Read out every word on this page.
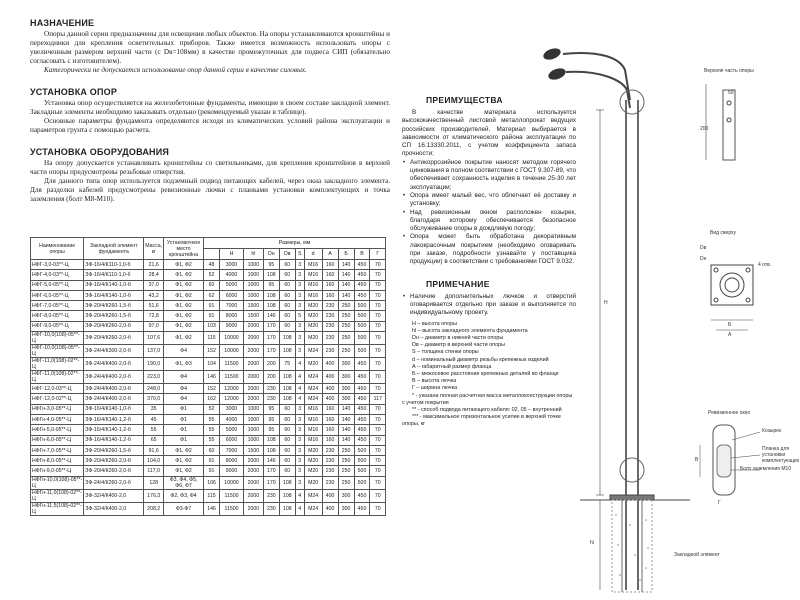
НАЗНАЧЕНИЕ
Опоры данной серии предназначены для освещения любых объектов. На опоры устанавливаются кронштейны и переходники для крепления осветительных приборов. Также имеется возможность использовать опоры с увеличенным размером верхней части (с Dв=108мм) в качестве промежуточных для подвеса СИП (обязательно согласовать с изготовителем).
Категорически не допускается использование опор данной серии в качестве силовых.
УСТАНОВКА ОПОР
Установка опор осуществляется на железобетонные фундаменты, имеющие в своем составе закладной элемент. Закладные элементы необходимо заказывать отдельно (рекомендуемый указан в таблице).
Основные параметры фундамента определяются исходя из климатических условий района эксплуатации и параметров грунта с помощью расчета.
УСТАНОВКА ОБОРУДОВАНИЯ
На опору допускается устанавливать кронштейны со светильниками, для крепления кронштейнов в верхней части опоры предусмотрены резьбовые отверстия.
Для данного типа опор используется подземный подвод питающих кабелей, через окна закладного элемента. Для разделки кабелей предусмотрены ревизионные лючки с планками установки комплектующих и точка заземления (болт М8-М10).
Наименование опоры	Закладной элемент фундамента	Масса, кг	Установочное место кронштейна	Размеры, мм										
					H	hl	Dн	Dв	S	d	A	Б	В	Г
НФГ-3,0-03**-Ц	ЗФ-16/4/К110-1,0-б	21,6	Ф1, Ф2	48	3000	1000	95	60	3	М16	160	140	450	70
НФГ-4,0-03**-Ц	ЗФ-16/4/К110-1,0-б	28,4	Ф1, Ф2	52	4000	1000	108	60	3	М16	160	140	450	70
НФГ-5,0-05**-Ц	ЗФ-16/4/К140-1,0-б	37,0	Ф1, Ф2	60	5000	1000	95	60	3	М16	160	140	450	70
НФГ-6,0-05**-Ц	ЗФ-16/4/К140-1,0-б	43,2	Ф1, Ф2	62	6000	1000	108	60	3	М16	160	140	450	70
НФГ-7,0-05**-Ц	ЗФ-20/4/К260-1,5-б	51,6	Ф1, Ф2	91	7000	1500	108	60	3	М20	230	250	500	70
НФГ-8,0-05**-Ц	ЗФ-20/4/К260-1,5-б	72,8	Ф1, Ф2	91	8000	1500	146	60	5	М20	230	250	500	70
НФГ-9,0-05**-Ц	ЗФ-20/4/К260-2,0-б	97,0	Ф1, Ф2	103	9000	2000	170	60	3	М20	230	250	500	70
НФГ-10,0(108)-05**-Ц	ЗФ-20/4/К260-2,0-б	107,6	Ф1, Ф2	115	10000	2000	170	108	3	М20	230	250	500	70
НФГ-10,0(108)-05**-Ц	ЗФ-24/4/К300-2,0-б	137,0	Ф4	152	10000	2000	170	108	3	М24	230	250	500	70
НФГ-11,0(108)-02**-Ц	ЗФ-24/4/К400-2,0-б	190,0	Ф1, Ф3	104	11500	2000	200	75	4	М20	400	300	450	70
НФГ-11,0(108)-02**-Ц	ЗФ-24/4/К400-2,0-б	223,0	Ф4	146	11500	2000	200	108	4	М24	400	300	450	70
НФГ-12,0-03**-Ц	ЗФ-24/4/К400-2,0-б	248,0	Ф4	152	12000	2000	230	108	4	М24	400	300	450	70
НФГ-12,0-02**-Ц	ЗФ-24/4/К400-2,0-б	370,0	Ф4	162	12000	2000	230	108	4	М24	400	300	450	117
НФГн-3,0-05**-Ц	ЗФ-16/4/К140-1,0-б	35	Ф1	52	3000	1000	95	60	3	М16	160	140	450	70
НФГн-4,0-05**-Ц	ЗФ-16/4/К140-1,2-б	45	Ф1	55	4000	1000	95	60	3	М16	160	140	450	70
НФГн-5,0-05**-Ц	ЗФ-16/4/К140-1,2-б	55	Ф1	55	5000	1000	95	60	3	М16	160	140	450	70
НФГн-6,0-05**-Ц	ЗФ-16/4/К140-1,2-б	65	Ф1	55	6000	1000	108	60	3	М16	160	140	450	70
НФГн-7,0-05**-Ц	ЗФ-20/4/К260-1,5-б	91,6	Ф1, Ф2	60	7000	1500	108	60	3	М20	230	250	500	70
НФГн-8,0-05**-Ц	ЗФ-20/4/К260-2,0-б	104,0	Ф1, Ф2	91	8000	2000	146	60	3	М20	230	250	500	70
НФГн-9,0-05**-Ц	ЗФ-20/4/К260-2,0-б	117,0	Ф1, Ф2	91	9000	2000	170	60	3	М20	230	250	500	70
НФГн-10,0(108)-05**-Ц	ЗФ-24/4/К260-2,0-б	128	Ф3, Ф4, Ф5, Ф6, Ф7	106	10000	2000	170	108	3	М20	230	250	500	70
НФГн-11,0(108)-02**-Ц	ЗФ-32/4/К400-2,0	176,3	Ф2, Ф3, Ф4	115	11500	2000	230	108	4	М24	400	300	450	70
НФГн-11,5(108)-02**-Ц	ЗФ-32/4/К400-2,0	208,2	Ф3-Ф7	146	11500	2000	230	108	4	М24	400	300	450	70
ПРЕИМУЩЕСТВА
В качестве материала используется высококачественный листовой металлопрокат ведущих российских производителей. Материал выбирается в зависимости от климатического района эксплуатации по СП 16.13330.2011, с учетом коэффициента запаса прочности;
• Антикоррозийное покрытие наносят методом горячего цинкования в полном соответствии с ГОСТ 9.307-89, что обеспечивает сохранность изделия в течение 25-30 лет эксплуатации;
• Опора имеет малый вес, что облегчает её доставку и установку;
• Над ревизионным окном расположен козырек, благодаря которому обеспечивается безопасное обслуживание опоры в дождливую погоду;
• Опора может быть обработана декоративным лакокрасочным покрытием (необходимо оговаривать при заказе, подробности узнавайте у поставщика продукции) в соответствии с требованиями ГОСТ 9.032.
ПРИМЕЧАНИЕ
• Наличие дополнительных лючков и отверстий оговаривается отдельно при заказе и выполняется по индивидуальному проекту.
H – высота опоры
hl – высота закладного элемента фундамента
Dн – диаметр в нижней части опоры
Dв – диаметр в верхней части опоры
S – толщина стенки опоры
d – номинальный диаметр резьбы крепежных изделий
А – габаритный размер фланца
Б – межосевое расстояние крепежных деталей во фланце
В – высота лючка
Г – ширина лючка
* - указана полная расчетная масса металлоконструкции опоры с учетом покрытия
** - способ подвода питающего кабеля: 02, 05 – внутренний
*** - максимальное горизонтальное усилие в верхней точке опоры, кг
Верхняя часть опоры
50
200
Вид сверху
Dв
Dн
4 отв.
Б
А
H
Ревизионное окно
Козырек
Планка для установки комплектующих
Болт заземления М10
В
Г
Закладной элемент
hl
